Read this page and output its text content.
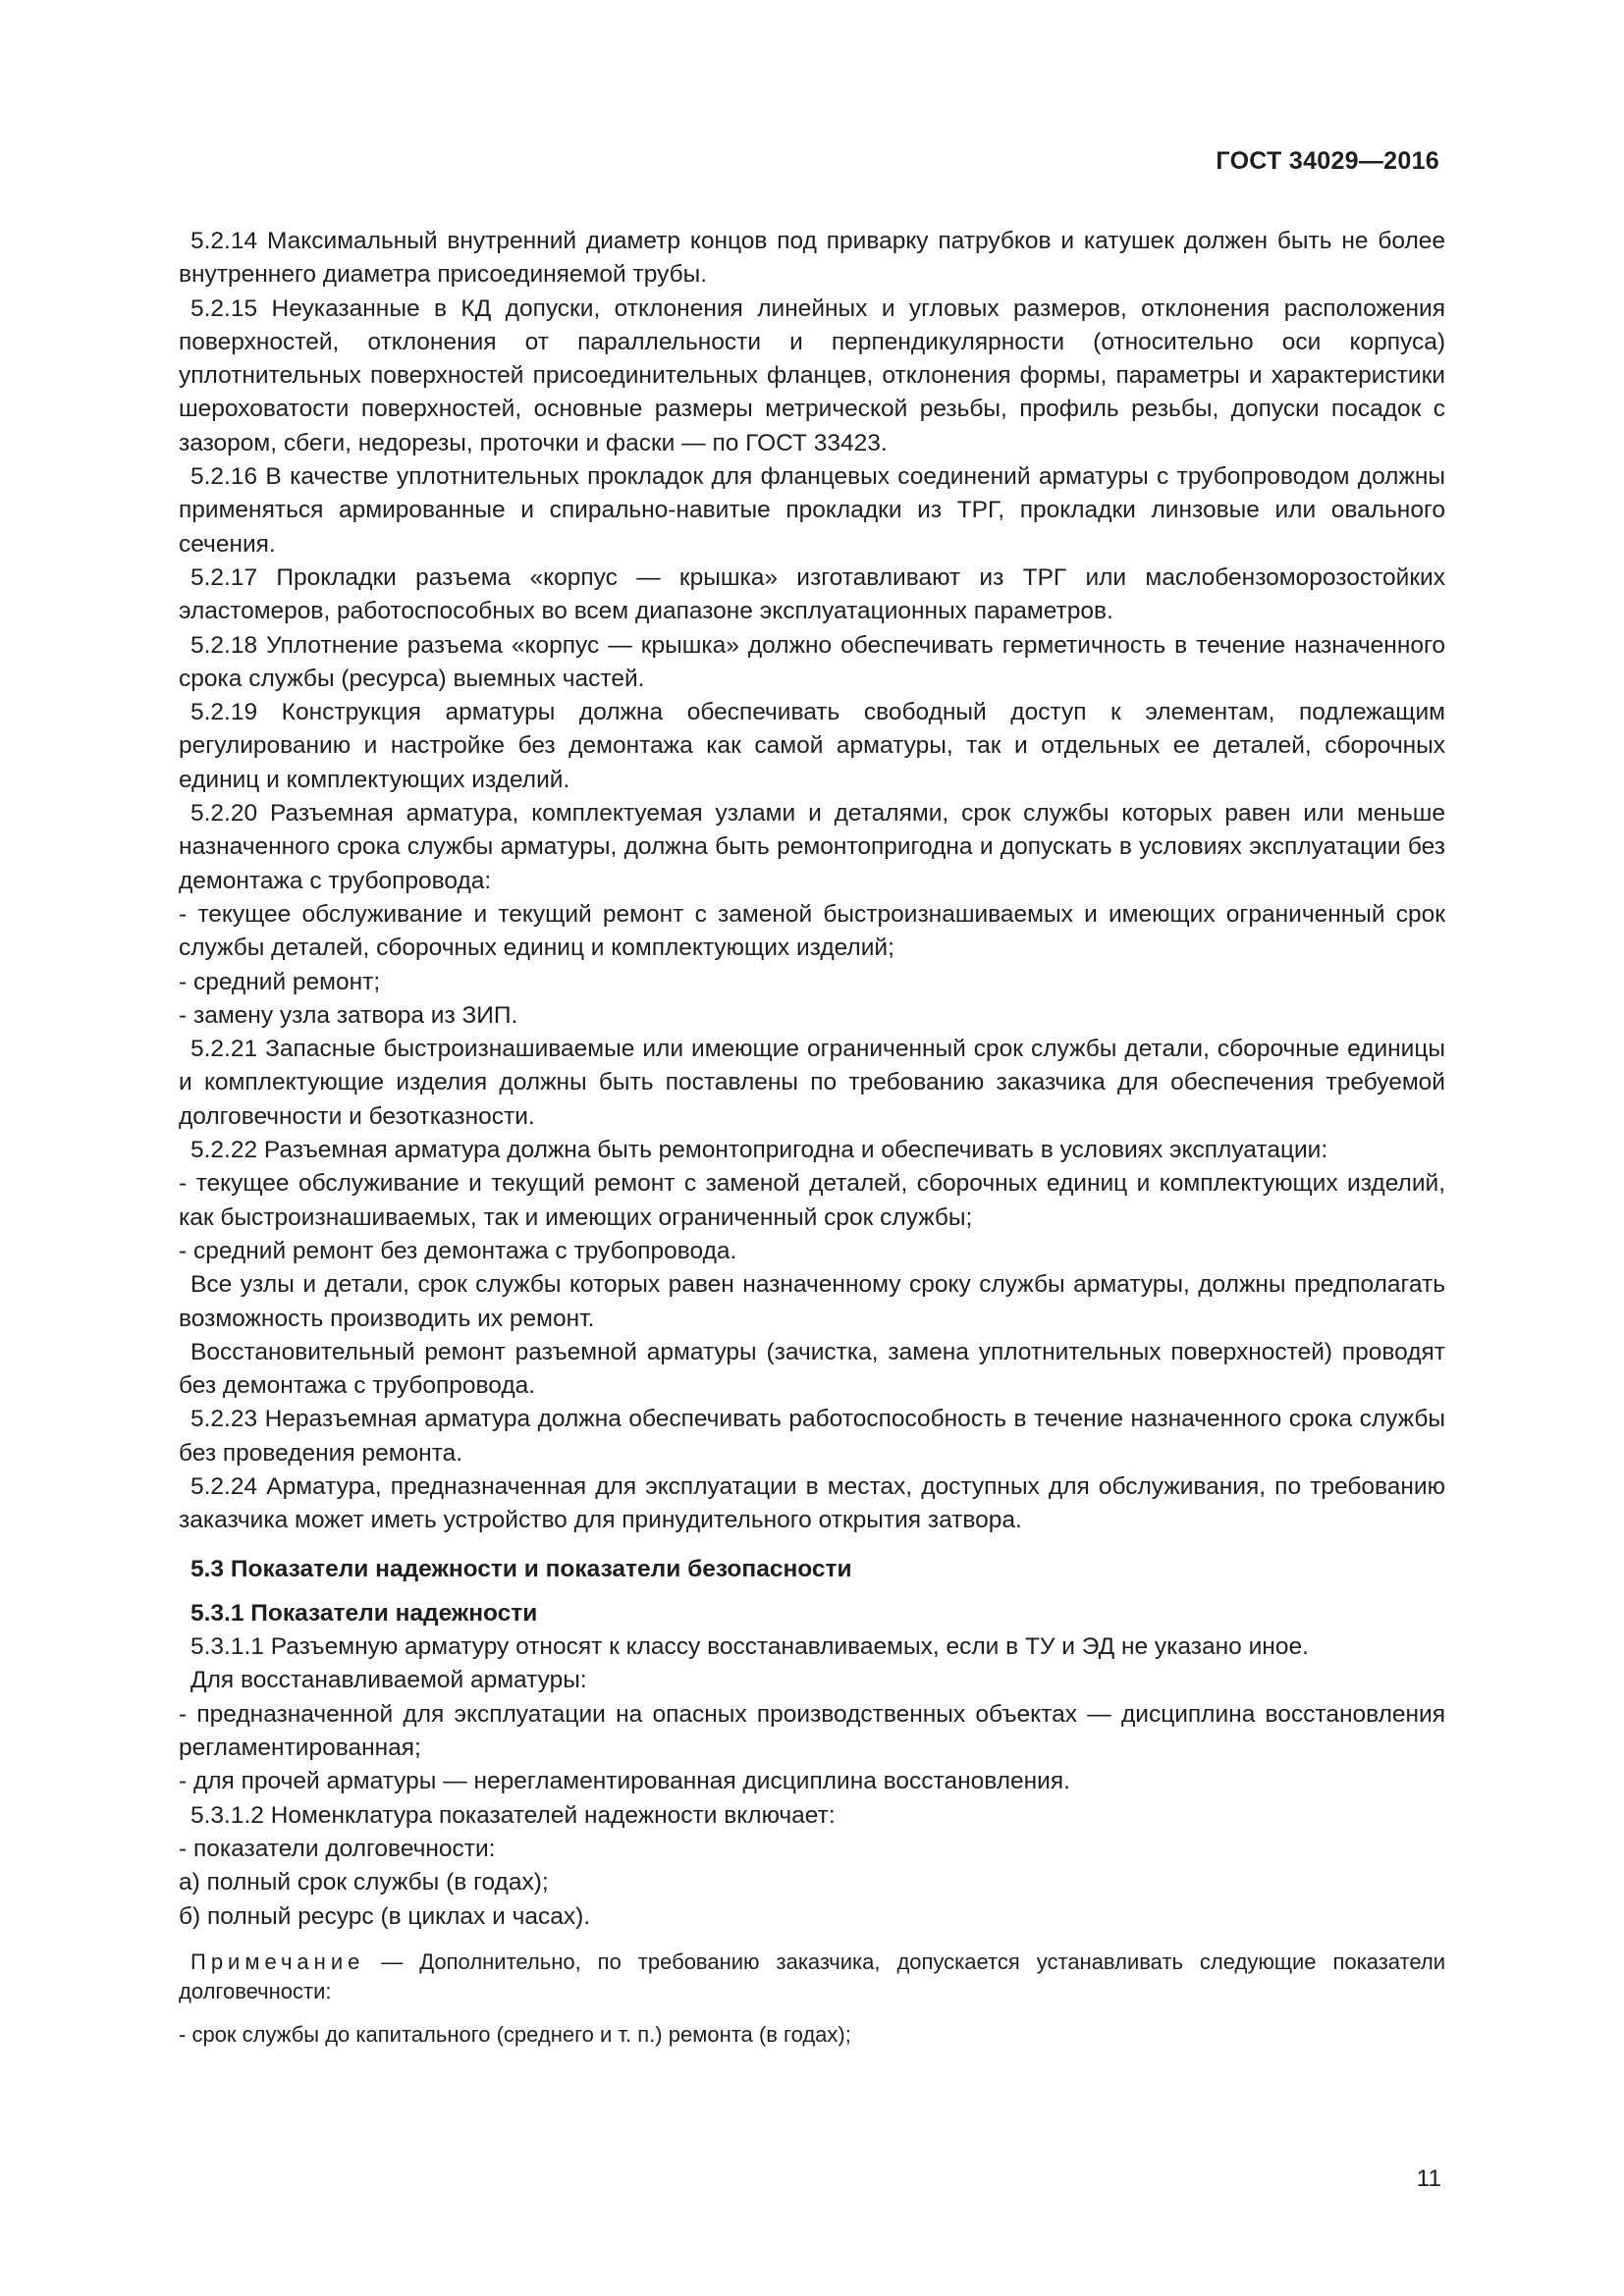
ГОСТ 34029—2016

5.2.14 Максимальный внутренний диаметр концов под приварку патрубков и катушек должен быть не более внутреннего диаметра присоединяемой трубы.

5.2.15 Неуказанные в КД допуски, отклонения линейных и угловых размеров, отклонения расположения поверхностей, отклонения от параллельности и перпендикулярности (относительно оси корпуса) уплотнительных поверхностей присоединительных фланцев, отклонения формы, параметры и характеристики шероховатости поверхностей, основные размеры метрической резьбы, профиль резьбы, допуски посадок с зазором, сбеги, недорезы, проточки и фаски — по ГОСТ 33423.

5.2.16 В качестве уплотнительных прокладок для фланцевых соединений арматуры с трубопроводом должны применяться армированные и спирально-навитые прокладки из ТРГ, прокладки линзовые или овального сечения.

5.2.17 Прокладки разъема «корпус — крышка» изготавливают из ТРГ или маслобензоморозостойких эластомеров, работоспособных во всем диапазоне эксплуатационных параметров.

5.2.18 Уплотнение разъема «корпус — крышка» должно обеспечивать герметичность в течение назначенного срока службы (ресурса) выемных частей.

5.2.19 Конструкция арматуры должна обеспечивать свободный доступ к элементам, подлежащим регулированию и настройке без демонтажа как самой арматуры, так и отдельных ее деталей, сборочных единиц и комплектующих изделий.

5.2.20 Разъемная арматура, комплектуемая узлами и деталями, срок службы которых равен или меньше назначенного срока службы арматуры, должна быть ремонтопригодна и допускать в условиях эксплуатации без демонтажа с трубопровода:

- текущее обслуживание и текущий ремонт с заменой быстроизнашиваемых и имеющих ограниченный срок службы деталей, сборочных единиц и комплектующих изделий;

- средний ремонт;

- замену узла затвора из ЗИП.

5.2.21 Запасные быстроизнашиваемые или имеющие ограниченный срок службы детали, сборочные единицы и комплектующие изделия должны быть поставлены по требованию заказчика для обеспечения требуемой долговечности и безотказности.

5.2.22 Разъемная арматура должна быть ремонтопригодна и обеспечивать в условиях эксплуатации:

- текущее обслуживание и текущий ремонт с заменой деталей, сборочных единиц и комплектующих изделий, как быстроизнашиваемых, так и имеющих ограниченный срок службы;

- средний ремонт без демонтажа с трубопровода.

Все узлы и детали, срок службы которых равен назначенному сроку службы арматуры, должны предполагать возможность производить их ремонт.

Восстановительный ремонт разъемной арматуры (зачистка, замена уплотнительных поверхностей) проводят без демонтажа с трубопровода.

5.2.23 Неразъемная арматура должна обеспечивать работоспособность в течение назначенного срока службы без проведения ремонта.

5.2.24 Арматура, предназначенная для эксплуатации в местах, доступных для обслуживания, по требованию заказчика может иметь устройство для принудительного открытия затвора.

5.3 Показатели надежности и показатели безопасности

5.3.1 Показатели надежности

5.3.1.1 Разъемную арматуру относят к классу восстанавливаемых, если в ТУ и ЭД не указано иное.

Для восстанавливаемой арматуры:

- предназначенной для эксплуатации на опасных производственных объектах — дисциплина восстановления регламентированная;

- для прочей арматуры — нерегламентированная дисциплина восстановления.

5.3.1.2 Номенклатура показателей надежности включает:

- показатели долговечности:

а) полный срок службы (в годах);

б) полный ресурс (в циклах и часах).

Примечание — Дополнительно, по требованию заказчика, допускается устанавливать следующие показатели долговечности:

- срок службы до капитального (среднего и т. п.) ремонта (в годах);

11
